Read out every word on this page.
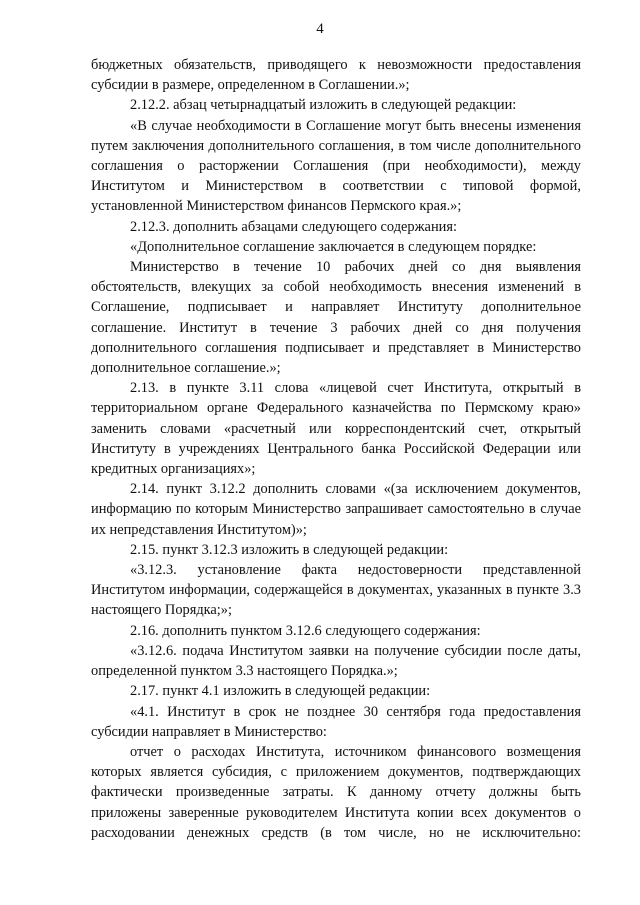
4

бюджетных обязательств, приводящего к невозможности предоставления субсидии в размере, определенном в Соглашении.»;

2.12.2. абзац четырнадцатый изложить в следующей редакции:

«В случае необходимости в Соглашение могут быть внесены изменения путем заключения дополнительного соглашения, в том числе дополнительного соглашения о расторжении Соглашения (при необходимости), между Институтом и Министерством в соответствии с типовой формой, установленной Министерством финансов Пермского края.»;

2.12.3. дополнить абзацами следующего содержания:

«Дополнительное соглашение заключается в следующем порядке:

Министерство в течение 10 рабочих дней со дня выявления обстоятельств, влекущих за собой необходимость внесения изменений в Соглашение, подписывает и направляет Институту дополнительное соглашение. Институт в течение 3 рабочих дней со дня получения дополнительного соглашения подписывает и представляет в Министерство дополнительное соглашение.»;

2.13. в пункте 3.11 слова «лицевой счет Института, открытый в территориальном органе Федерального казначейства по Пермскому краю» заменить словами «расчетный или корреспондентский счет, открытый Институту в учреждениях Центрального банка Российской Федерации или кредитных организациях»;

2.14. пункт 3.12.2 дополнить словами «(за исключением документов, информацию по которым Министерство запрашивает самостоятельно в случае их непредставления Институтом)»;

2.15. пункт 3.12.3 изложить в следующей редакции:

«3.12.3. установление факта недостоверности представленной Институтом информации, содержащейся в документах, указанных в пункте 3.3 настоящего Порядка;»;

2.16. дополнить пунктом 3.12.6 следующего содержания:

«3.12.6. подача Институтом заявки на получение субсидии после даты, определенной пунктом 3.3 настоящего Порядка.»;

2.17. пункт 4.1 изложить в следующей редакции:

«4.1. Институт в срок не позднее 30 сентября года предоставления субсидии направляет в Министерство:

отчет о расходах Института, источником финансового возмещения которых является субсидия, с приложением документов, подтверждающих фактически произведенные затраты. К данному отчету должны быть приложены заверенные руководителем Института копии всех документов о расходовании денежных средств (в том числе, но не исключительно:
